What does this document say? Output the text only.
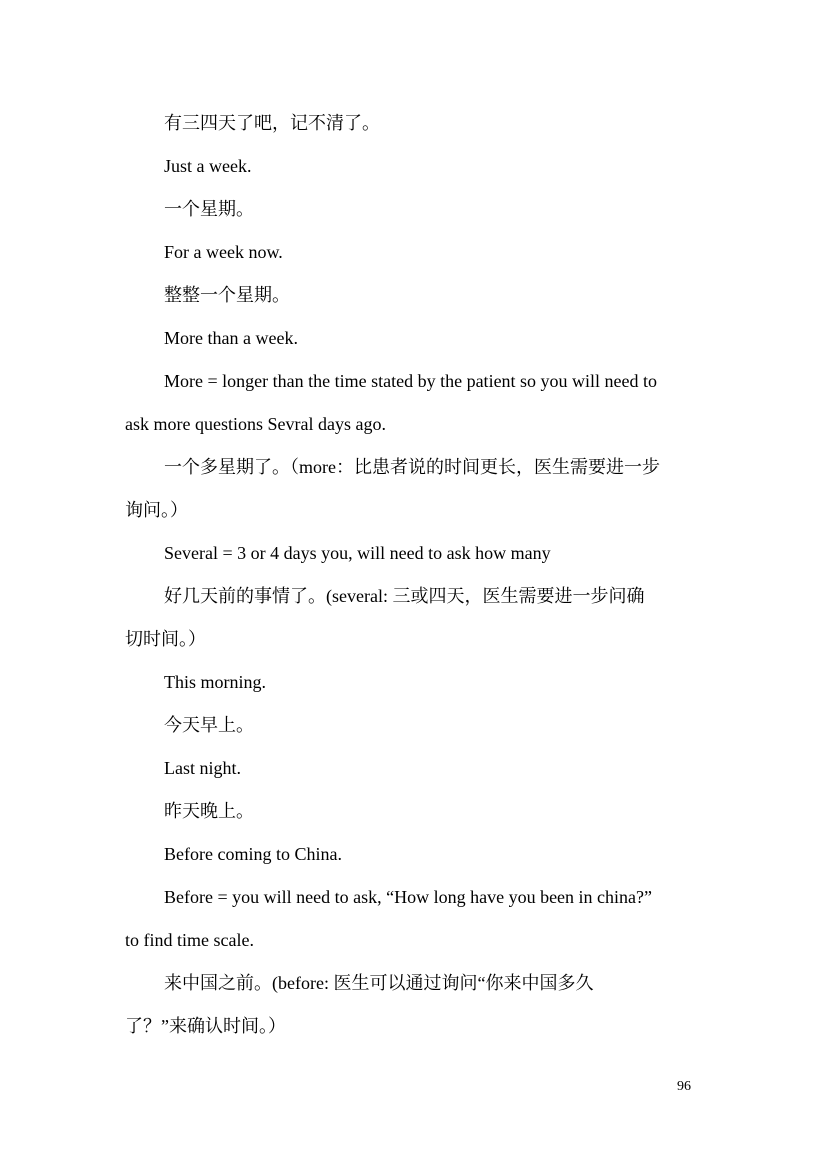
有三四天了吧，记不清了。
Just a week.
一个星期。
For a week now.
整整一个星期。
More than a week.
More = longer than the time stated by the patient so you will need to
ask more questions Sevral days ago.
一个多星期了。（more：比患者说的时间更长，医生需要进一步
询问。）
Several = 3 or 4 days you, will need to ask how many
好几天前的事情了。(several: 三或四天，医生需要进一步问确
切时间。）
This morning.
今天早上。
Last night.
昨天晚上。
Before coming to China.
Before = you will need to ask, “How long have you been in china?”
to find time scale.
来中国之前。(before: 医生可以通过询问“你来中国多久
了？”来确认时间。）
96
